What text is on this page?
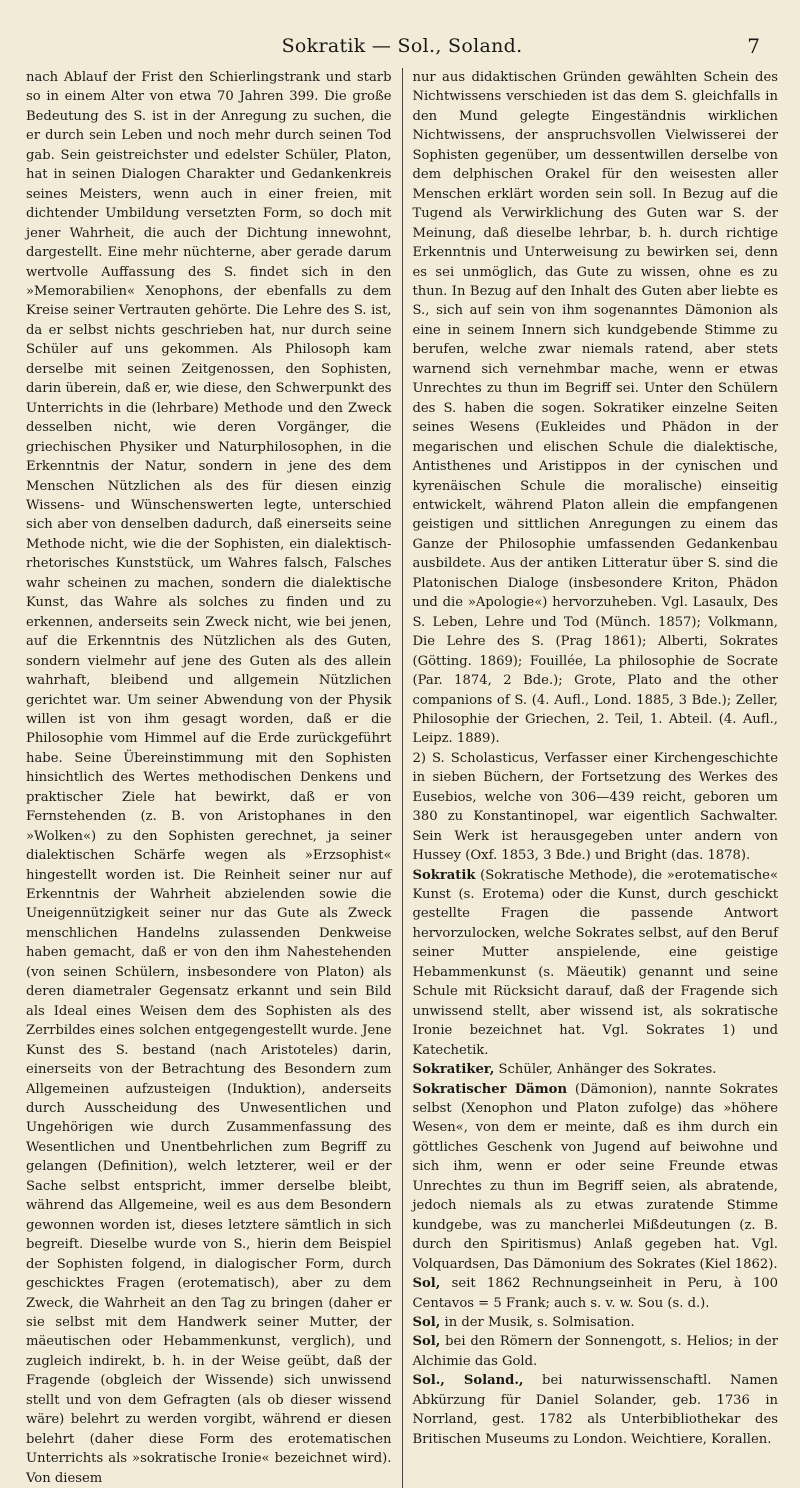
Sokratik — Sol., Soland.	7

nach Ablauf der Frist den Schierlingstrank und starb so in einem Alter von etwa 70 Jahren 399. Die große Bedeutung des S. ist in der Anregung zu suchen, die er durch sein Leben und noch mehr durch seinen Tod gab. Sein geistreichster und edelster Schüler, Platon, hat in seinen Dialogen Charakter und Gedankenkreis seines Meisters, wenn auch in einer freien, mit dichtender Umbildung versetzten Form, so doch mit jener Wahrheit, die auch der Dichtung innewohnt, dargestellt. Eine mehr nüchterne, aber gerade darum wertvolle Auffassung des S. findet sich in den »Memorabilien« Xenophons, der ebenfalls zu dem Kreise seiner Vertrauten gehörte. Die Lehre des S. ist, da er selbst nichts geschrieben hat, nur durch seine Schüler auf uns gekommen. Als Philosoph kam derselbe mit seinen Zeitgenossen, den Sophisten, darin überein, daß er, wie diese, den Schwerpunkt des Unterrichts in die (lehrbare) Methode und den Zweck desselben nicht, wie deren Vorgänger, die griechischen Physiker und Naturphilosophen, in die Erkenntnis der Natur, sondern in jene des dem Menschen Nützlichen als des für diesen einzig Wissens- und Wünschenswerten legte, unterschied sich aber von denselben dadurch, daß einerseits seine Methode nicht, wie die der Sophisten, ein dialektisch-rhetorisches Kunststück, um Wahres falsch, Falsches wahr scheinen zu machen, sondern die dialektische Kunst, das Wahre als solches zu finden und zu erkennen, anderseits sein Zweck nicht, wie bei jenen, auf die Erkenntnis des Nützlichen als des Guten, sondern vielmehr auf jene des Guten als des allein wahrhaft, bleibend und allgemein Nützlichen gerichtet war. Um seiner Abwendung von der Physik willen ist von ihm gesagt worden, daß er die Philosophie vom Himmel auf die Erde zurückgeführt habe. Seine Übereinstimmung mit den Sophisten hinsichtlich des Wertes methodischen Denkens und praktischer Ziele hat bewirkt, daß er von Fernstehenden (z. B. von Aristophanes in den »Wolken«) zu den Sophisten gerechnet, ja seiner dialektischen Schärfe wegen als »Erzsophist« hingestellt worden ist. Die Reinheit seiner nur auf Erkenntnis der Wahrheit abzielenden sowie die Uneigennützigkeit seiner nur das Gute als Zweck menschlichen Handelns zulassenden Denkweise haben gemacht, daß er von den ihm Nahestehenden (von seinen Schülern, insbesondere von Platon) als deren diametraler Gegensatz erkannt und sein Bild als Ideal eines Weisen dem des Sophisten als des Zerrbildes eines solchen entgegengestellt wurde. Jene Kunst des S. bestand (nach Aristoteles) darin, einerseits von der Betrachtung des Besondern zum Allgemeinen aufzusteigen (Induktion), anderseits durch Ausscheidung des Unwesentlichen und Ungehörigen wie durch Zusammenfassung des Wesentlichen und Unentbehrlichen zum Begriff zu gelangen (Definition), welch letzterer, weil er der Sache selbst entspricht, immer derselbe bleibt, während das Allgemeine, weil es aus dem Besondern gewonnen worden ist, dieses letztere sämtlich in sich begreift. Dieselbe wurde von S., hierin dem Beispiel der Sophisten folgend, in dialogischer Form, durch geschicktes Fragen (erotematisch), aber zu dem Zweck, die Wahrheit an den Tag zu bringen (daher er sie selbst mit dem Handwerk seiner Mutter, der mäeutischen oder Hebammenkunst, verglich), und zugleich indirekt, b. h. in der Weise geübt, daß der Fragende (obgleich der Wissende) sich unwissend stellt und von dem Gefragten (als ob dieser wissend wäre) belehrt zu werden vorgibt, während er diesen belehrt (daher diese Form des erotematischen Unterrichts als »sokratische Ironie« bezeichnet wird). Von diesem

nur aus didaktischen Gründen gewählten Schein des Nichtwissens verschieden ist das dem S. gleichfalls in den Mund gelegte Eingeständnis wirklichen Nichtwissens, der anspruchsvollen Vielwisserei der Sophisten gegenüber, um dessentwillen derselbe von dem delphischen Orakel für den weisesten aller Menschen erklärt worden sein soll. In Bezug auf die Tugend als Verwirklichung des Guten war S. der Meinung, daß dieselbe lehrbar, b. h. durch richtige Erkenntnis und Unterweisung zu bewirken sei, denn es sei unmöglich, das Gute zu wissen, ohne es zu thun. In Bezug auf den Inhalt des Guten aber liebte es S., sich auf sein von ihm sogenanntes Dämonion als eine in seinem Innern sich kundgebende Stimme zu berufen, welche zwar niemals ratend, aber stets warnend sich vernehmbar mache, wenn er etwas Unrechtes zu thun im Begriff sei. Unter den Schülern des S. haben die sogen. Sokratiker einzelne Seiten seines Wesens (Eukleides und Phädon in der megarischen und elischen Schule die dialektische, Antisthenes und Aristippos in der cynischen und kyrenäischen Schule die moralische) einseitig entwickelt, während Platon allein die empfangenen geistigen und sittlichen Anregungen zu einem das Ganze der Philosophie umfassenden Gedankenbau ausbildete. Aus der antiken Litteratur über S. sind die Platonischen Dialoge (insbesondere Kriton, Phädon und die »Apologie«) hervorzuheben. Vgl. Lasaulx, Des S. Leben, Lehre und Tod (Münch. 1857); Volkmann, Die Lehre des S. (Prag 1861); Alberti, Sokrates (Götting. 1869); Fouillée, La philosophie de Socrate (Par. 1874, 2 Bde.); Grote, Plato and the other companions of S. (4. Aufl., Lond. 1885, 3 Bde.); Zeller, Philosophie der Griechen, 2. Teil, 1. Abteil. (4. Aufl., Leipz. 1889).

2) S. Scholasticus, Verfasser einer Kirchengeschichte in sieben Büchern, der Fortsetzung des Werkes des Eusebios, welche von 306—439 reicht, geboren um 380 zu Konstantinopel, war eigentlich Sachwalter. Sein Werk ist herausgegeben unter andern von Hussey (Oxf. 1853, 3 Bde.) und Bright (das. 1878).

Sokratik (Sokratische Methode), die »erotematische« Kunst (s. Erotema) oder die Kunst, durch geschickt gestellte Fragen die passende Antwort hervorzulocken, welche Sokrates selbst, auf den Beruf seiner Mutter anspielende, eine geistige Hebammenkunst (s. Mäeutik) genannt und seine Schule mit Rücksicht darauf, daß der Fragende sich unwissend stellt, aber wissend ist, als sokratische Ironie bezeichnet hat. Vgl. Sokrates 1) und Katechetik.

Sokratiker, Schüler, Anhänger des Sokrates.

Sokratischer Dämon (Dämonion), nannte Sokrates selbst (Xenophon und Platon zufolge) das »höhere Wesen«, von dem er meinte, daß es ihm durch ein göttliches Geschenk von Jugend auf beiwohne und sich ihm, wenn er oder seine Freunde etwas Unrechtes zu thun im Begriff seien, als abratende, jedoch niemals als zu etwas zuratende Stimme kundgebe, was zu mancherlei Mißdeutungen (z. B. durch den Spiritismus) Anlaß gegeben hat. Vgl. Volquardsen, Das Dämonium des Sokrates (Kiel 1862).

Sol, seit 1862 Rechnungseinheit in Peru, à 100 Centavos = 5 Frank; auch s. v. w. Sou (s. d.).

Sol, in der Musik, s. Solmisation.

Sol, bei den Römern der Sonnengott, s. Helios; in der Alchimie das Gold.

Sol., Soland., bei naturwissenschaftl. Namen Abkürzung für Daniel Solander, geb. 1736 in Norrland, gest. 1782 als Unterbibliothekar des Britischen Museums zu London. Weichtiere, Korallen.
